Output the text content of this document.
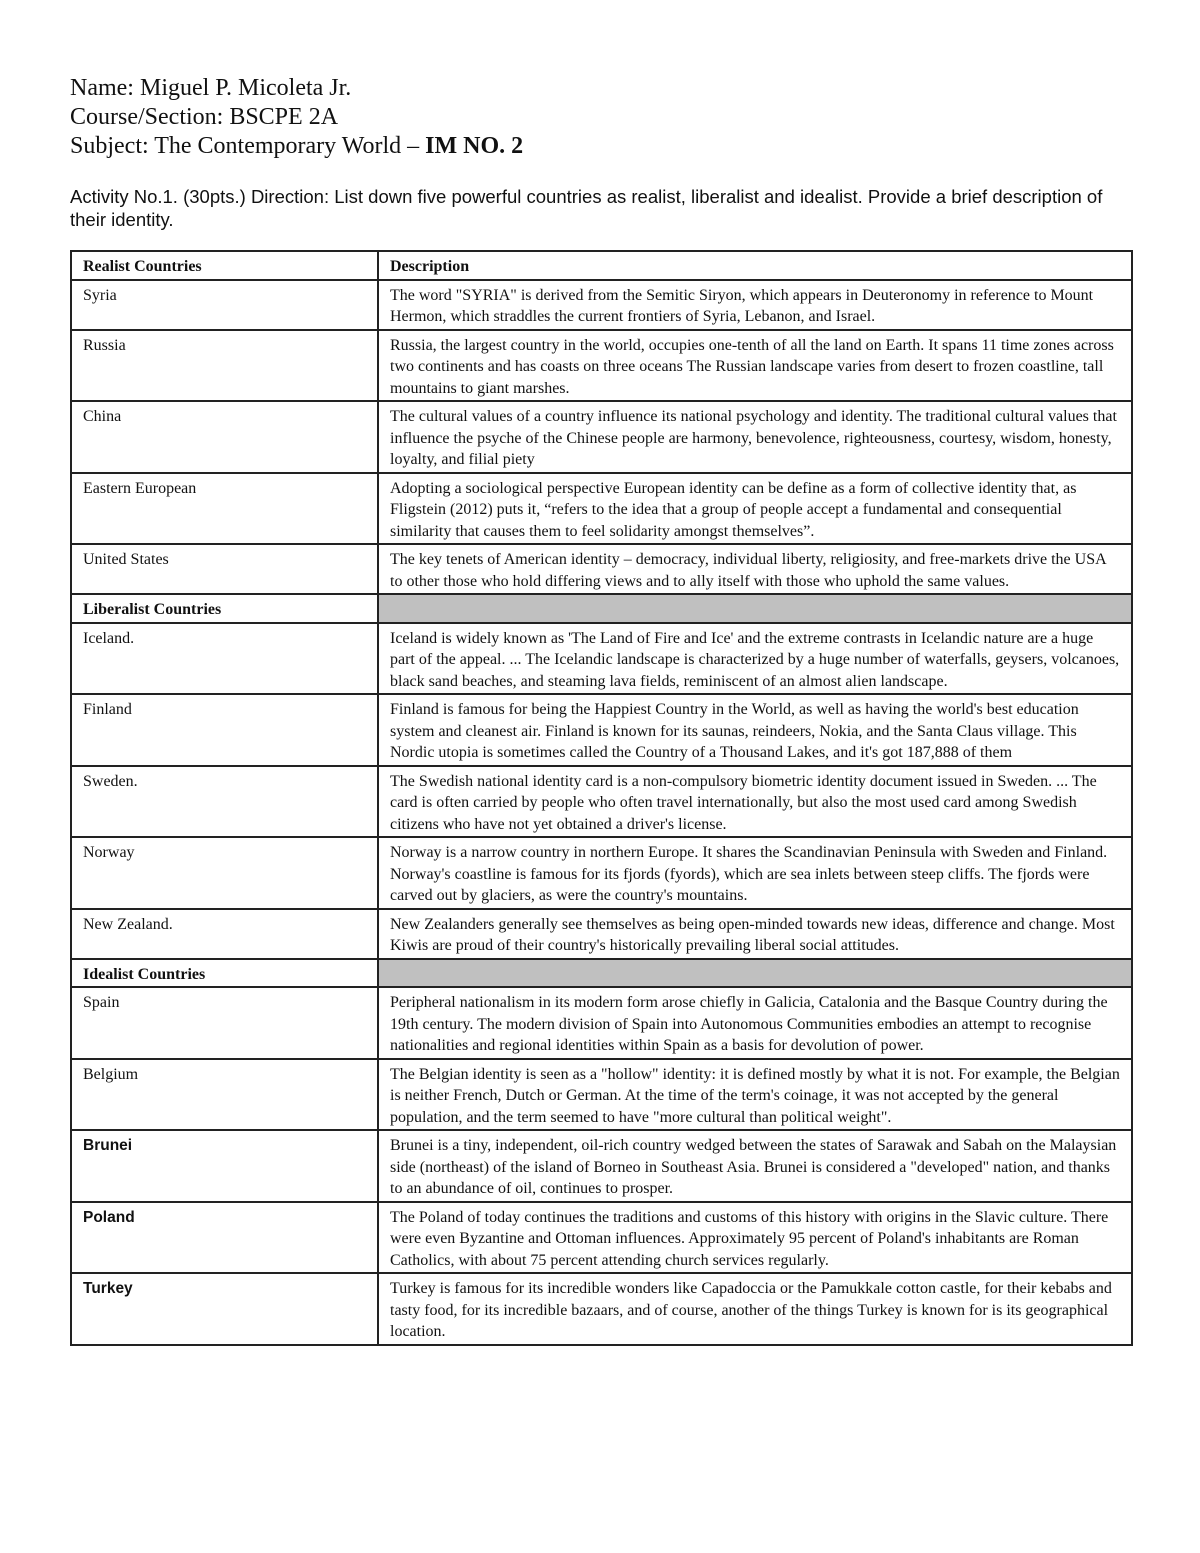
Name: Miguel P. Micoleta Jr.
Course/Section: BSCPE 2A
Subject: The Contemporary World – IM NO. 2
Activity No.1. (30pts.) Direction: List down five powerful countries as realist, liberalist and idealist. Provide a brief description of their identity.
Realist Countries	Description
Syria	The word "SYRIA" is derived from the Semitic Siryon, which appears in Deuteronomy in reference to Mount Hermon, which straddles the current frontiers of Syria, Lebanon, and Israel.
Russia	Russia, the largest country in the world, occupies one-tenth of all the land on Earth. It spans 11 time zones across two continents and has coasts on three oceans The Russian landscape varies from desert to frozen coastline, tall mountains to giant marshes.
China	The cultural values of a country influence its national psychology and identity. The traditional cultural values that influence the psyche of the Chinese people are harmony, benevolence, righteousness, courtesy, wisdom, honesty, loyalty, and filial piety
Eastern European	Adopting a sociological perspective European identity can be define as a form of collective identity that, as Fligstein (2012) puts it, “refers to the idea that a group of people accept a fundamental and consequential similarity that causes them to feel solidarity amongst themselves”.
United States	The key tenets of American identity – democracy, individual liberty, religiosity, and free-markets drive the USA to other those who hold differing views and to ally itself with those who uphold the same values.
Liberalist Countries	
Iceland.	Iceland is widely known as 'The Land of Fire and Ice' and the extreme contrasts in Icelandic nature are a huge part of the appeal. ... The Icelandic landscape is characterized by a huge number of waterfalls, geysers, volcanoes, black sand beaches, and steaming lava fields, reminiscent of an almost alien landscape.
Finland	Finland is famous for being the Happiest Country in the World, as well as having the world's best education system and cleanest air. Finland is known for its saunas, reindeers, Nokia, and the Santa Claus village. This Nordic utopia is sometimes called the Country of a Thousand Lakes, and it's got 187,888 of them
Sweden.	The Swedish national identity card is a non-compulsory biometric identity document issued in Sweden. ... The card is often carried by people who often travel internationally, but also the most used card among Swedish citizens who have not yet obtained a driver's license.
Norway	Norway is a narrow country in northern Europe. It shares the Scandinavian Peninsula with Sweden and Finland. Norway's coastline is famous for its fjords (fyords), which are sea inlets between steep cliffs. The fjords were carved out by glaciers, as were the country's mountains.
New Zealand.	New Zealanders generally see themselves as being open-minded towards new ideas, difference and change. Most Kiwis are proud of their country's historically prevailing liberal social attitudes.
Idealist Countries	
Spain	Peripheral nationalism in its modern form arose chiefly in Galicia, Catalonia and the Basque Country during the 19th century. The modern division of Spain into Autonomous Communities embodies an attempt to recognise nationalities and regional identities within Spain as a basis for devolution of power.
Belgium	The Belgian identity is seen as a "hollow" identity: it is defined mostly by what it is not. For example, the Belgian is neither French, Dutch or German. At the time of the term's coinage, it was not accepted by the general population, and the term seemed to have "more cultural than political weight".
Brunei	Brunei is a tiny, independent, oil-rich country wedged between the states of Sarawak and Sabah on the Malaysian side (northeast) of the island of Borneo in Southeast Asia. Brunei is considered a "developed" nation, and thanks to an abundance of oil, continues to prosper.
Poland	The Poland of today continues the traditions and customs of this history with origins in the Slavic culture. There were even Byzantine and Ottoman influences. Approximately 95 percent of Poland's inhabitants are Roman Catholics, with about 75 percent attending church services regularly.
Turkey	Turkey is famous for its incredible wonders like Capadoccia or the Pamukkale cotton castle, for their kebabs and tasty food, for its incredible bazaars, and of course, another of the things Turkey is known for is its geographical location.
